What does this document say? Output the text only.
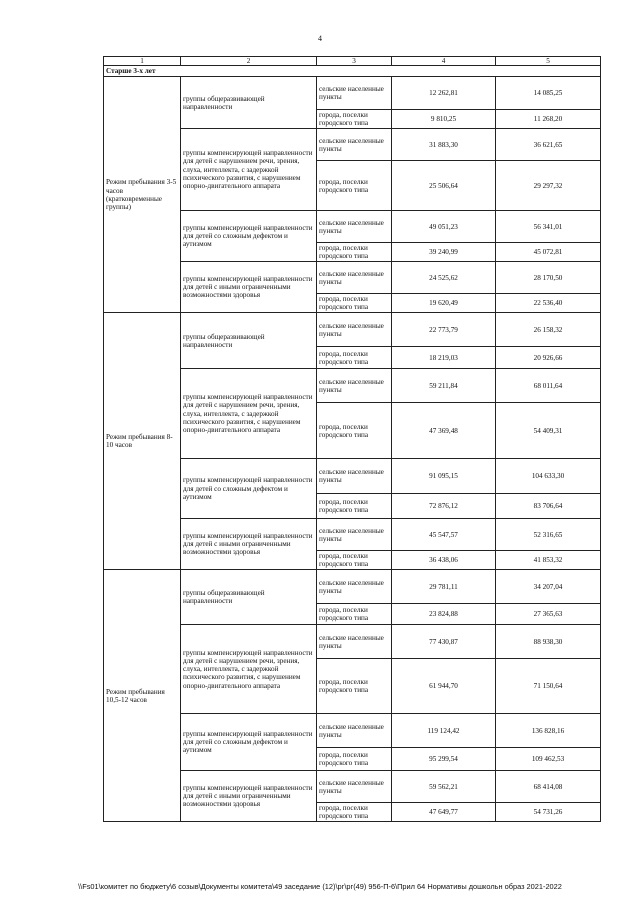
4
1	2	3	4	5
Старше 3-х лет				
Режим пребывания 3-5 часов (кратковременные группы)	группы общеразвивающей направленности	сельские населенные пункты	12 262,81	14 085,25
		города, поселки городского типа	9 810,25	11 268,20
	группы компенсирующей направленности для детей с нарушением речи, зрения, слуха, интеллекта, с задержкой психического развития, с нарушением опорно-двигательного аппарата	сельские населенные пункты	31 883,30	36 621,65
		города, поселки городского типа	25 506,64	29 297,32
	группы компенсирующей направленности для детей со сложным дефектом и аутизмом	сельские населенные пункты	49 051,23	56 341,01
		города, поселки городского типа	39 240,99	45 072,81
	группы компенсирующей направленности для детей с иными ограниченными возможностями здоровья	сельские населенные пункты	24 525,62	28 170,50
		города, поселки городского типа	19 620,49	22 536,40
Режим пребывания 8-10 часов	группы общеразвивающей направленности	сельские населенные пункты	22 773,79	26 158,32
		города, поселки городского типа	18 219,03	20 926,66
	группы компенсирующей направленности для детей с нарушением речи, зрения, слуха, интеллекта, с задержкой психического развития, с нарушением опорно-двигательного аппарата	сельские населенные пункты	59 211,84	68 011,64
		города, поселки городского типа	47 369,48	54 409,31
	группы компенсирующей направленности для детей со сложным дефектом и аутизмом	сельские населенные пункты	91 095,15	104 633,30
		города, поселки городского типа	72 876,12	83 706,64
	группы компенсирующей направленности для детей с иными ограниченными возможностями здоровья	сельские населенные пункты	45 547,57	52 316,65
		города, поселки городского типа	36 438,06	41 853,32
Режим пребывания 10,5-12 часов	группы общеразвивающей направленности	сельские населенные пункты	29 781,11	34 207,04
		города, поселки городского типа	23 824,88	27 365,63
	группы компенсирующей направленности для детей с нарушением речи, зрения, слуха, интеллекта, с задержкой психического развития, с нарушением опорно-двигательного аппарата	сельские населенные пункты	77 430,87	88 938,30
		города, поселки городского типа	61 944,70	71 150,64
	группы компенсирующей направленности для детей со сложным дефектом и аутизмом	сельские населенные пункты	119 124,42	136 828,16
		города, поселки городского типа	95 299,54	109 462,53
	группы компенсирующей направленности для детей с иными ограниченными возможностями здоровья	сельские населенные пункты	59 562,21	68 414,08
		города, поселки городского типа	47 649,77	54 731,26
\\Fs01\комитет по бюджету\6 созыв\Документы комитета\49 заседание (12)\рг\рг(49) 956-П-6\Прил 64 Нормативы дошкольн образ 2021-2022
